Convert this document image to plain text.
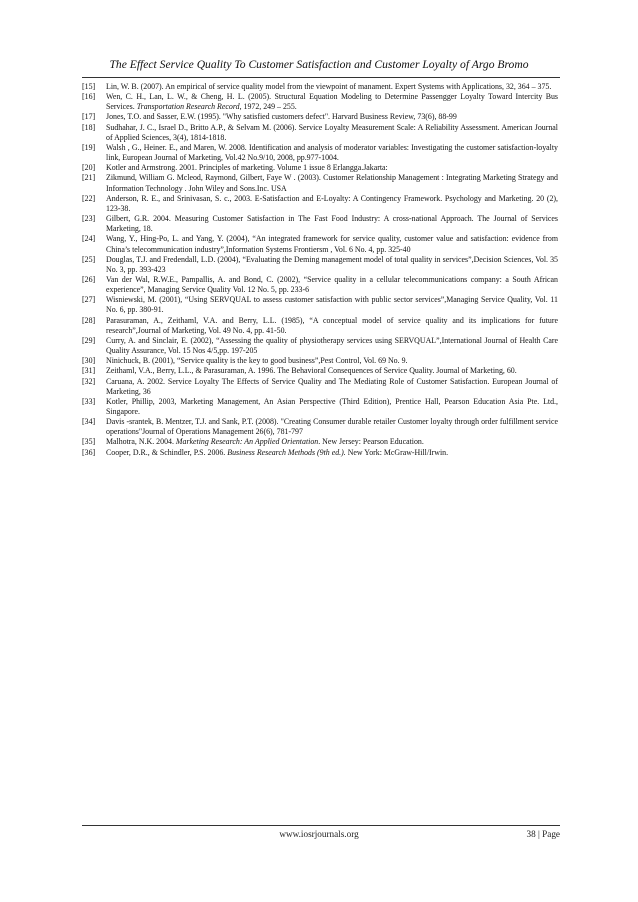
The Effect Service Quality To Customer Satisfaction and Customer Loyalty of Argo Bromo
[15]	Lin, W. B. (2007). An empirical of service quality model from the viewpoint of manament. Expert Systems with Applications, 32, 364 – 375.
[16]	Wen, C. H., Lan, L. W., & Cheng, H. L. (2005). Structural Equation Modeling to Determine Passengger Loyalty Toward Intercity Bus Services. Transportation Research Record, 1972, 249 – 255.
[17]	Jones, T.O. and Sasser, E.W. (1995). "Why satisfied customers defect". Harvard Business Review, 73(6), 88-99
[18]	Sudhahar, J. C., Israel D., Britto A.P., & Selvam M. (2006). Service Loyalty Measurement Scale: A Reliability Assessment. American Journal of Applied Sciences, 3(4), 1814-1818.
[19]	Walsh , G., Heiner. E., and Maren, W. 2008. Identification and analysis of moderator variables: Investigating the customer satisfaction-loyalty link, European Journal of Marketing, Vol.42 No.9/10, 2008, pp.977-1004.
[20]	Kotler and Armstrong. 2001. Principles of marketing. Volume 1 issue 8 Erlangga.Jakarta:
[21]	Zikmund, William G. Mcleod, Raymond, Gilbert, Faye W . (2003). Customer Relationship Management : Integrating Marketing Strategy and Information Technology . John Wiley and Sons.Inc. USA
[22]	Anderson, R. E., and Srinivasan, S. c., 2003. E-Satisfaction and E-Loyalty: A Contingency Framework. Psychology and Marketing. 20 (2), 123-38.
[23]	Gilbert, G.R. 2004. Measuring Customer Satisfaction in The Fast Food Industry: A cross-national Approach. The Journal of Services Marketing, 18.
[24]	Wang, Y., Hing-Po, L. and Yang, Y. (2004), “An integrated framework for service quality, customer value and satisfaction: evidence from China’s telecommunication industry”,Information Systems Frontiersm , Vol. 6 No. 4, pp. 325-40
[25]	Douglas, T.J. and Fredendall, L.D. (2004), “Evaluating the Deming management model of total quality in services”,Decision Sciences, Vol. 35 No. 3, pp. 393-423
[26]	Van der Wal, R.W.E., Pampallis, A. and Bond, C. (2002), “Service quality in a cellular telecommunications company: a South African experience”, Managing Service Quality Vol. 12 No. 5, pp. 233-6
[27]	Wisniewski, M. (2001), “Using SERVQUAL to assess customer satisfaction with public sector services”,Managing Service Quality, Vol. 11 No. 6, pp. 380-91.
[28]	Parasuraman, A., Zeithaml, V.A. and Berry, L.L. (1985), “A conceptual model of service quality and its implications for future research”,Journal of Marketing, Vol. 49 No. 4, pp. 41-50.
[29]	Curry, A. and Sinclair, E. (2002), “Assessing the quality of physiotherapy services using SERVQUAL”,International Journal of Health Care Quality Assurance, Vol. 15 Nos 4/5,pp. 197-205
[30]	Ninichuck, B. (2001), “Service quality is the key to good business”,Pest Control, Vol. 69 No. 9.
[31]	Zeithaml, V.A., Berry, L.L., & Parasuraman, A. 1996. The Behavioral Consequences of Service Quality. Journal of Marketing, 60.
[32]	Caruana, A. 2002. Service Loyalty The Effects of Service Quality and The Mediating Role of Customer Satisfaction. European Journal of Marketing, 36
[33]	Kotler, Phillip, 2003, Marketing Management, An Asian Perspective (Third Edition), Prentice Hall, Pearson Education Asia Pte. Ltd., Singapore.
[34]	Davis -srantek, B. Mentzer, T.J. and Sank, P.T. (2008). "Creating Consumer durable retailer Customer loyalty through order fulfillment service operations"Journal of Operations Management 26(6), 781-797
[35]	Malhotra, N.K. 2004. Marketing Research: An Applied Orientation. New Jersey: Pearson Education.
[36]	Cooper, D.R., & Schindler, P.S. 2006. Business Research Methods (9th ed.). New York: McGraw-Hill/Irwin.
www.iosrjournals.org	38 | Page
